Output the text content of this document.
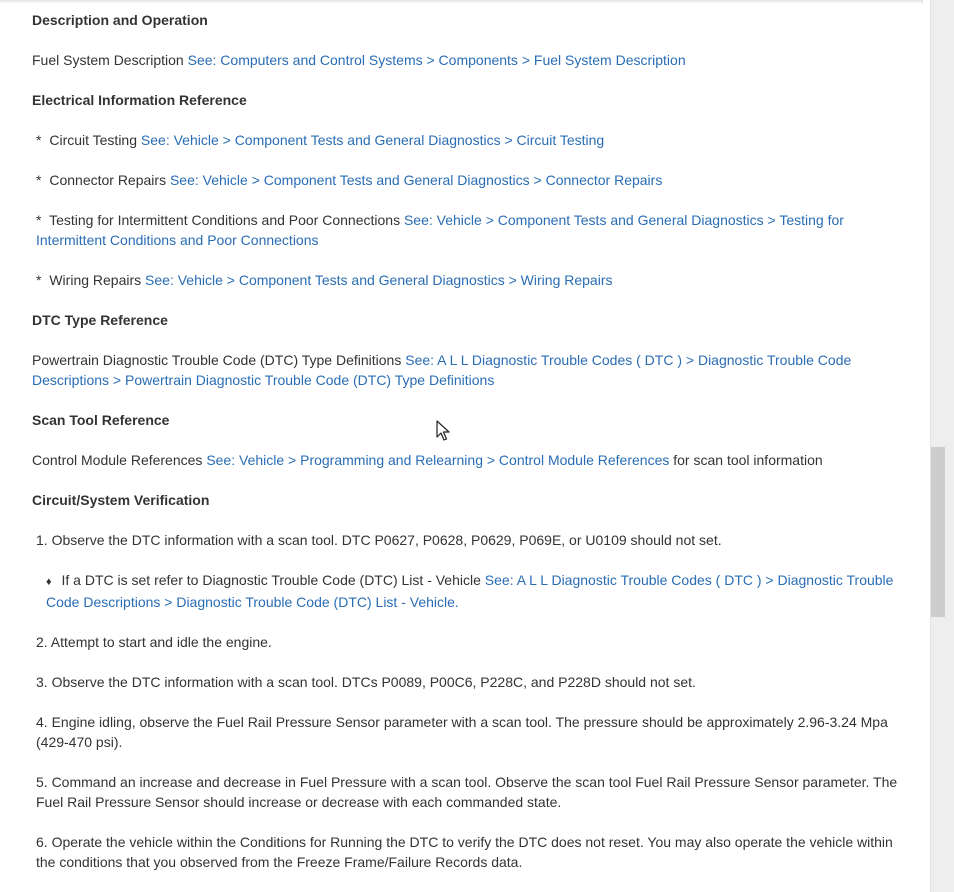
Description and Operation
Fuel System Description See: Computers and Control Systems > Components > Fuel System Description
Electrical Information Reference
* Circuit Testing See: Vehicle > Component Tests and General Diagnostics > Circuit Testing
* Connector Repairs See: Vehicle > Component Tests and General Diagnostics > Connector Repairs
* Testing for Intermittent Conditions and Poor Connections See: Vehicle > Component Tests and General Diagnostics > Testing for Intermittent Conditions and Poor Connections
* Wiring Repairs See: Vehicle > Component Tests and General Diagnostics > Wiring Repairs
DTC Type Reference
Powertrain Diagnostic Trouble Code (DTC) Type Definitions See: A L L Diagnostic Trouble Codes ( DTC ) > Diagnostic Trouble Code Descriptions > Powertrain Diagnostic Trouble Code (DTC) Type Definitions
Scan Tool Reference
Control Module References See: Vehicle > Programming and Relearning > Control Module References for scan tool information
Circuit/System Verification
1. Observe the DTC information with a scan tool. DTC P0627, P0628, P0629, P069E, or U0109 should not set.
♦ If a DTC is set refer to Diagnostic Trouble Code (DTC) List - Vehicle See: A L L Diagnostic Trouble Codes ( DTC ) > Diagnostic Trouble Code Descriptions > Diagnostic Trouble Code (DTC) List - Vehicle.
2. Attempt to start and idle the engine.
3. Observe the DTC information with a scan tool. DTCs P0089, P00C6, P228C, and P228D should not set.
4. Engine idling, observe the Fuel Rail Pressure Sensor parameter with a scan tool. The pressure should be approximately 2.96-3.24 Mpa (429-470 psi).
5. Command an increase and decrease in Fuel Pressure with a scan tool. Observe the scan tool Fuel Rail Pressure Sensor parameter. The Fuel Rail Pressure Sensor should increase or decrease with each commanded state.
6. Operate the vehicle within the Conditions for Running the DTC to verify the DTC does not reset. You may also operate the vehicle within the conditions that you observed from the Freeze Frame/Failure Records data.
